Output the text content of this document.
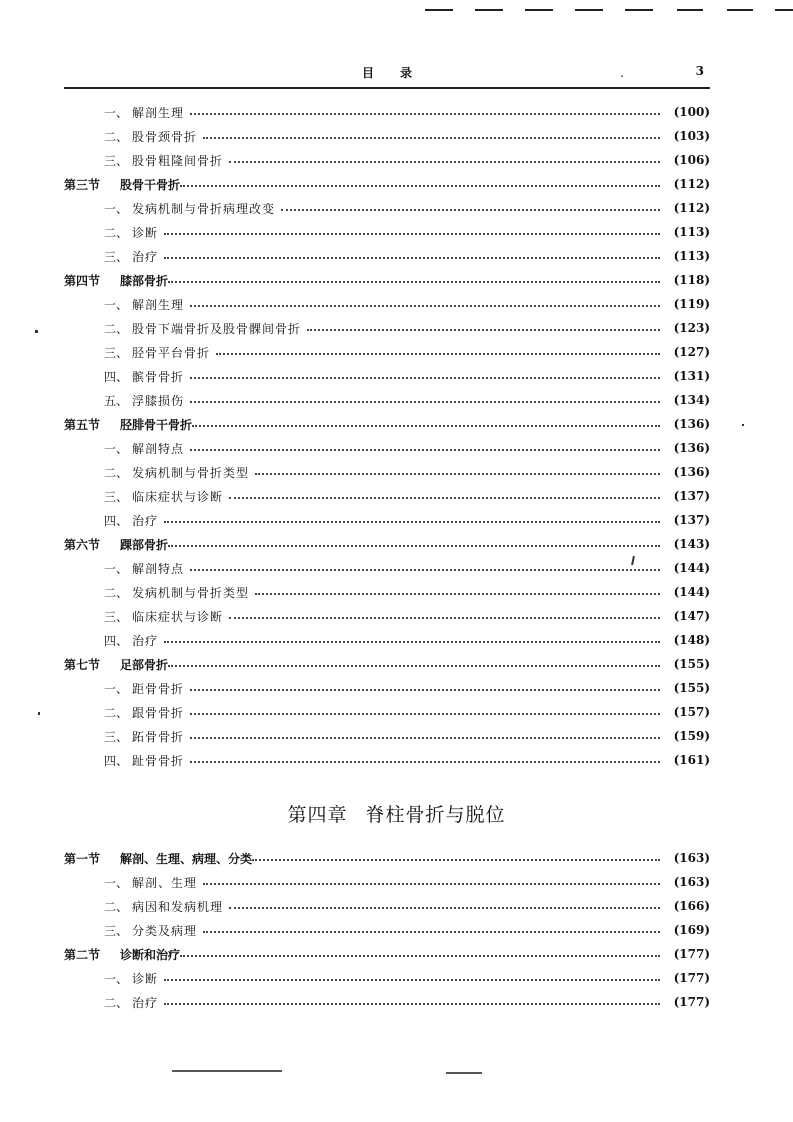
目录	.	3
一、 解剖生理	(100)
二、 股骨颈骨折	(103)
三、 股骨粗隆间骨折	(106)
第三节	股骨干骨折	(112)
一、 发病机制与骨折病理改变	(112)
二、 诊断	(113)
三、 治疗	(113)
第四节	膝部骨折	(118)
一、 解剖生理	(119)
二、 股骨下端骨折及股骨髁间骨折	(123)
三、 胫骨平台骨折	(127)
四、 髌骨骨折	(131)
五、 浮膝损伤	(134)
第五节	胫腓骨干骨折	(136)
一、 解剖特点	(136)
二、 发病机制与骨折类型	(136)
三、 临床症状与诊断	(137)
四、 治疗	(137)
第六节	踝部骨折	(143)
一、 解剖特点	(144)
二、 发病机制与骨折类型	(144)
三、 临床症状与诊断	(147)
四、 治疗	(148)
第七节	足部骨折	(155)
一、 距骨骨折	(155)
二、 跟骨骨折	(157)
三、 跖骨骨折	(159)
四、 趾骨骨折	(161)
第四章 脊柱骨折与脱位
第一节	解剖、生理、病理、分类	(163)
一、 解剖、生理	(163)
二、 病因和发病机理	(166)
三、 分类及病理	(169)
第二节	诊断和治疗	(177)
一、 诊断	(177)
二、 治疗	(177)
